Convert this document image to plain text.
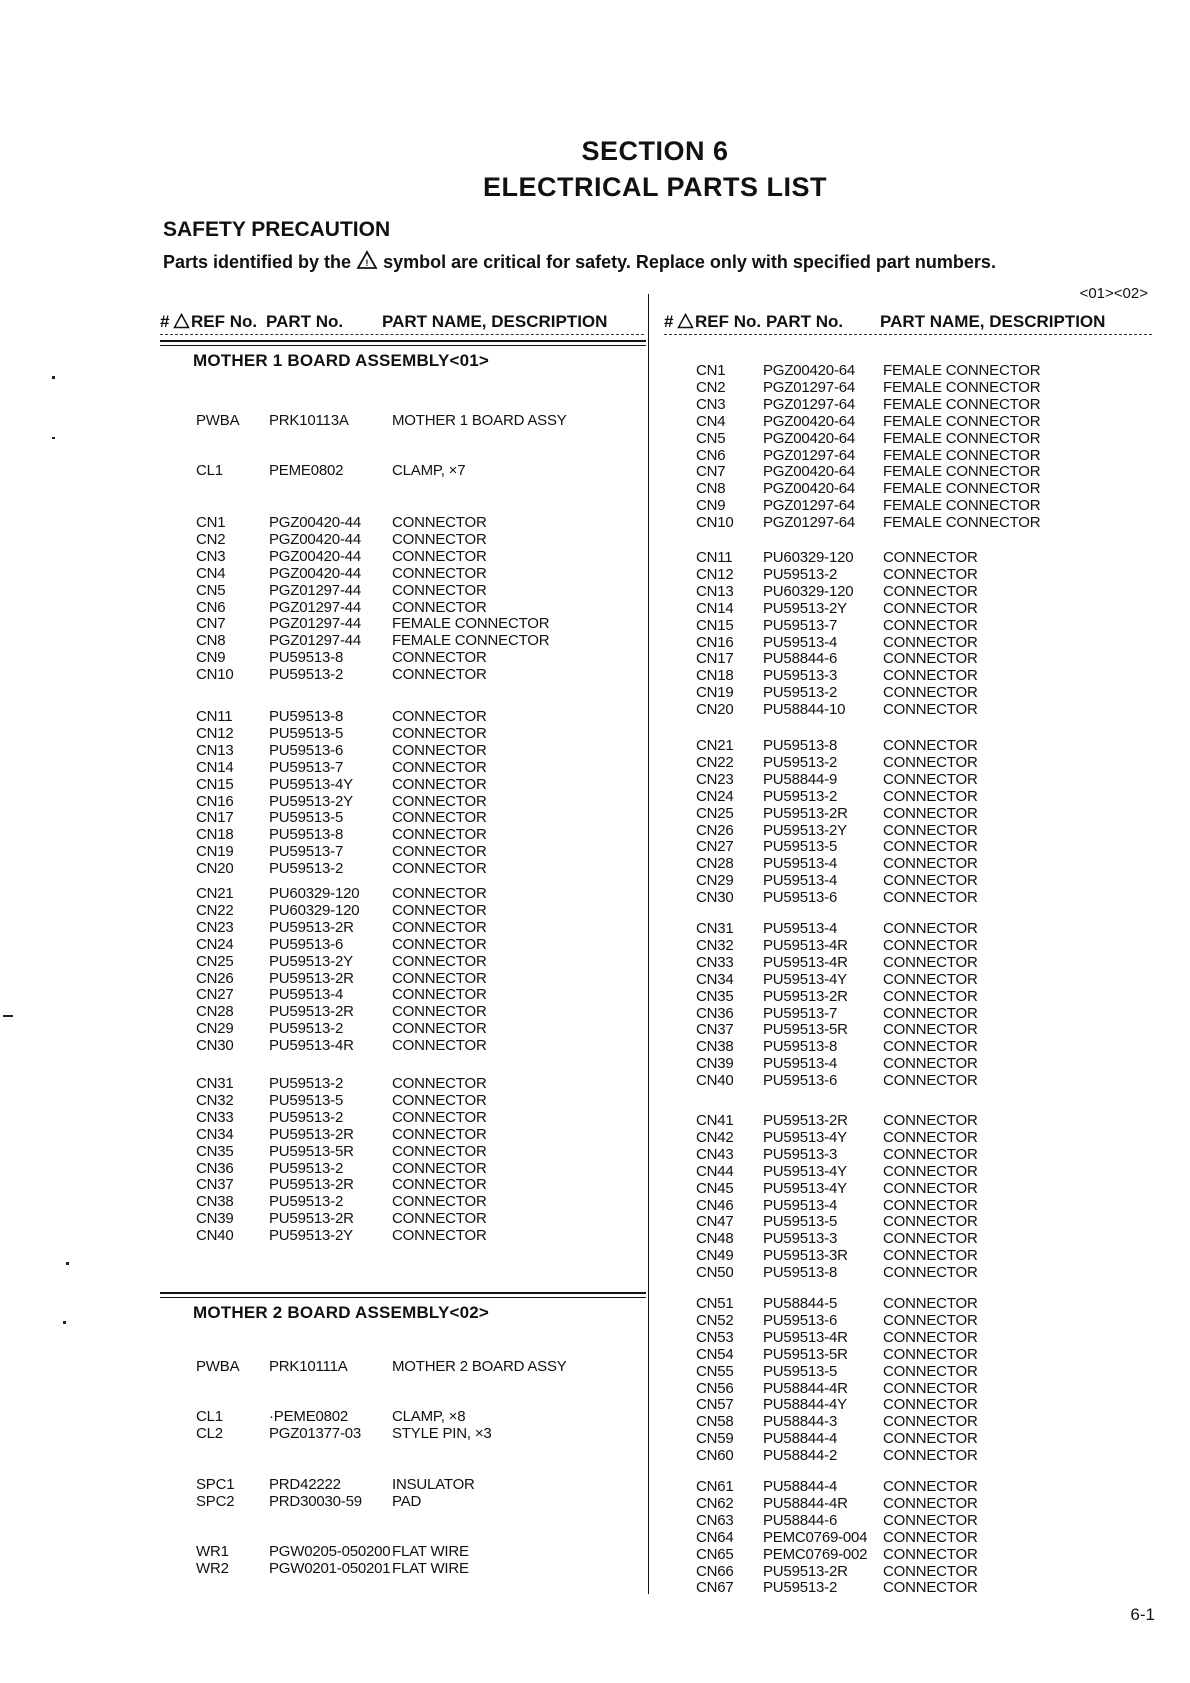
SECTION 6
ELECTRICAL PARTS LIST
SAFETY PRECAUTION
Parts identified by the ! symbol are critical for safety. Replace only with specified part numbers.
<01><02>
# REF No. PART No. PART NAME, DESCRIPTION	# REF No. PART No. PART NAME, DESCRIPTION
MOTHER 1 BOARD ASSEMBLY<01>
MOTHER 2 BOARD ASSEMBLY<02>
PWBA PRK10113A	MOTHER 1 BOARD ASSY
CL1	PEME0802	CLAMP, ×7
CN1	PGZ00420-44 CONNECTOR
CN2	PGZ00420-44 CONNECTOR
CN3	PGZ00420-44 CONNECTOR
CN4	PGZ00420-44 CONNECTOR
CN5	PGZ01297-44 CONNECTOR
CN6	PGZ01297-44 CONNECTOR
CN7	PGZ01297-44 FEMALE CONNECTOR
CN8	PGZ01297-44 FEMALE CONNECTOR
CN9	PU59513-8	CONNECTOR
CN10 PU59513-2	CONNECTOR
CN11 PU59513-8	CONNECTOR
CN12 PU59513-5	CONNECTOR
CN13 PU59513-6	CONNECTOR
CN14 PU59513-7	CONNECTOR
CN15 PU59513-4Y	CONNECTOR
CN16 PU59513-2Y	CONNECTOR
CN17 PU59513-5	CONNECTOR
CN18 PU59513-8	CONNECTOR
CN19 PU59513-7	CONNECTOR
CN20 PU59513-2	CONNECTOR
CN21 PU60329-120 CONNECTOR
CN22 PU60329-120 CONNECTOR
CN23 PU59513-2R	CONNECTOR
CN24 PU59513-6	CONNECTOR
CN25 PU59513-2Y	CONNECTOR
CN26 PU59513-2R	CONNECTOR
CN27 PU59513-4	CONNECTOR
CN28 PU59513-2R	CONNECTOR
CN29 PU59513-2	CONNECTOR
CN30 PU59513-4R	CONNECTOR
CN31 PU59513-2	CONNECTOR
CN32 PU59513-5	CONNECTOR
CN33 PU59513-2	CONNECTOR
CN34 PU59513-2R	CONNECTOR
CN35 PU59513-5R	CONNECTOR
CN36 PU59513-2	CONNECTOR
CN37 PU59513-2R	CONNECTOR
CN38 PU59513-2	CONNECTOR
CN39 PU59513-2R	CONNECTOR
CN40 PU59513-2Y	CONNECTOR
PWBA PRK10111A	MOTHER 2 BOARD ASSY
CL1	·PEME0802	CLAMP, ×8
CL2	PGZ01377-03 STYLE PIN, ×3
SPC1 PRD42222	INSULATOR
SPC2 PRD30030-59 PAD
WR1	PGW0205-050200 FLAT WIRE
WR2	PGW0201-050201 FLAT WIRE
CN1	PGZ00420-64 FEMALE CONNECTOR
CN2	PGZ01297-64 FEMALE CONNECTOR
CN3	PGZ01297-64 FEMALE CONNECTOR
CN4	PGZ00420-64 FEMALE CONNECTOR
CN5	PGZ00420-64 FEMALE CONNECTOR
CN6	PGZ01297-64 FEMALE CONNECTOR
CN7	PGZ00420-64 FEMALE CONNECTOR
CN8	PGZ00420-64 FEMALE CONNECTOR
CN9	PGZ01297-64 FEMALE CONNECTOR
CN10 PGZ01297-64 FEMALE CONNECTOR
CN11 PU60329-120 CONNECTOR
CN12 PU59513-2	CONNECTOR
CN13 PU60329-120 CONNECTOR
CN14 PU59513-2Y CONNECTOR
CN15 PU59513-7	CONNECTOR
CN16 PU59513-4	CONNECTOR
CN17 PU58844-6	CONNECTOR
CN18 PU59513-3	CONNECTOR
CN19 PU59513-2	CONNECTOR
CN20 PU58844-10	CONNECTOR
CN21 PU59513-8	CONNECTOR
CN22 PU59513-2	CONNECTOR
CN23 PU58844-9	CONNECTOR
CN24 PU59513-2	CONNECTOR
CN25 PU59513-2R CONNECTOR
CN26 PU59513-2Y CONNECTOR
CN27 PU59513-5	CONNECTOR
CN28 PU59513-4	CONNECTOR
CN29 PU59513-4	CONNECTOR
CN30 PU59513-6	CONNECTOR
CN31 PU59513-4	CONNECTOR
CN32 PU59513-4R CONNECTOR
CN33 PU59513-4R CONNECTOR
CN34 PU59513-4Y CONNECTOR
CN35 PU59513-2R CONNECTOR
CN36 PU59513-7	CONNECTOR
CN37 PU59513-5R CONNECTOR
CN38 PU59513-8	CONNECTOR
CN39 PU59513-4	CONNECTOR
CN40 PU59513-6	CONNECTOR
CN41 PU59513-2R CONNECTOR
CN42 PU59513-4Y CONNECTOR
CN43 PU59513-3	CONNECTOR
CN44 PU59513-4Y CONNECTOR
CN45 PU59513-4Y CONNECTOR
CN46 PU59513-4	CONNECTOR
CN47 PU59513-5	CONNECTOR
CN48 PU59513-3	CONNECTOR
CN49 PU59513-3R CONNECTOR
CN50 PU59513-8	CONNECTOR
CN51 PU58844-5	CONNECTOR
CN52 PU59513-6	CONNECTOR
CN53 PU59513-4R CONNECTOR
CN54 PU59513-5R CONNECTOR
CN55 PU59513-5	CONNECTOR
CN56 PU58844-4R CONNECTOR
CN57 PU58844-4Y CONNECTOR
CN58 PU58844-3	CONNECTOR
CN59 PU58844-4	CONNECTOR
CN60 PU58844-2	CONNECTOR
CN61 PU58844-4	CONNECTOR
CN62 PU58844-4R CONNECTOR
CN63 PU58844-6	CONNECTOR
CN64 PEMC0769-004 CONNECTOR
CN65 PEMC0769-002 CONNECTOR
CN66 PU59513-2R CONNECTOR
CN67 PU59513-2	CONNECTOR
6-1
